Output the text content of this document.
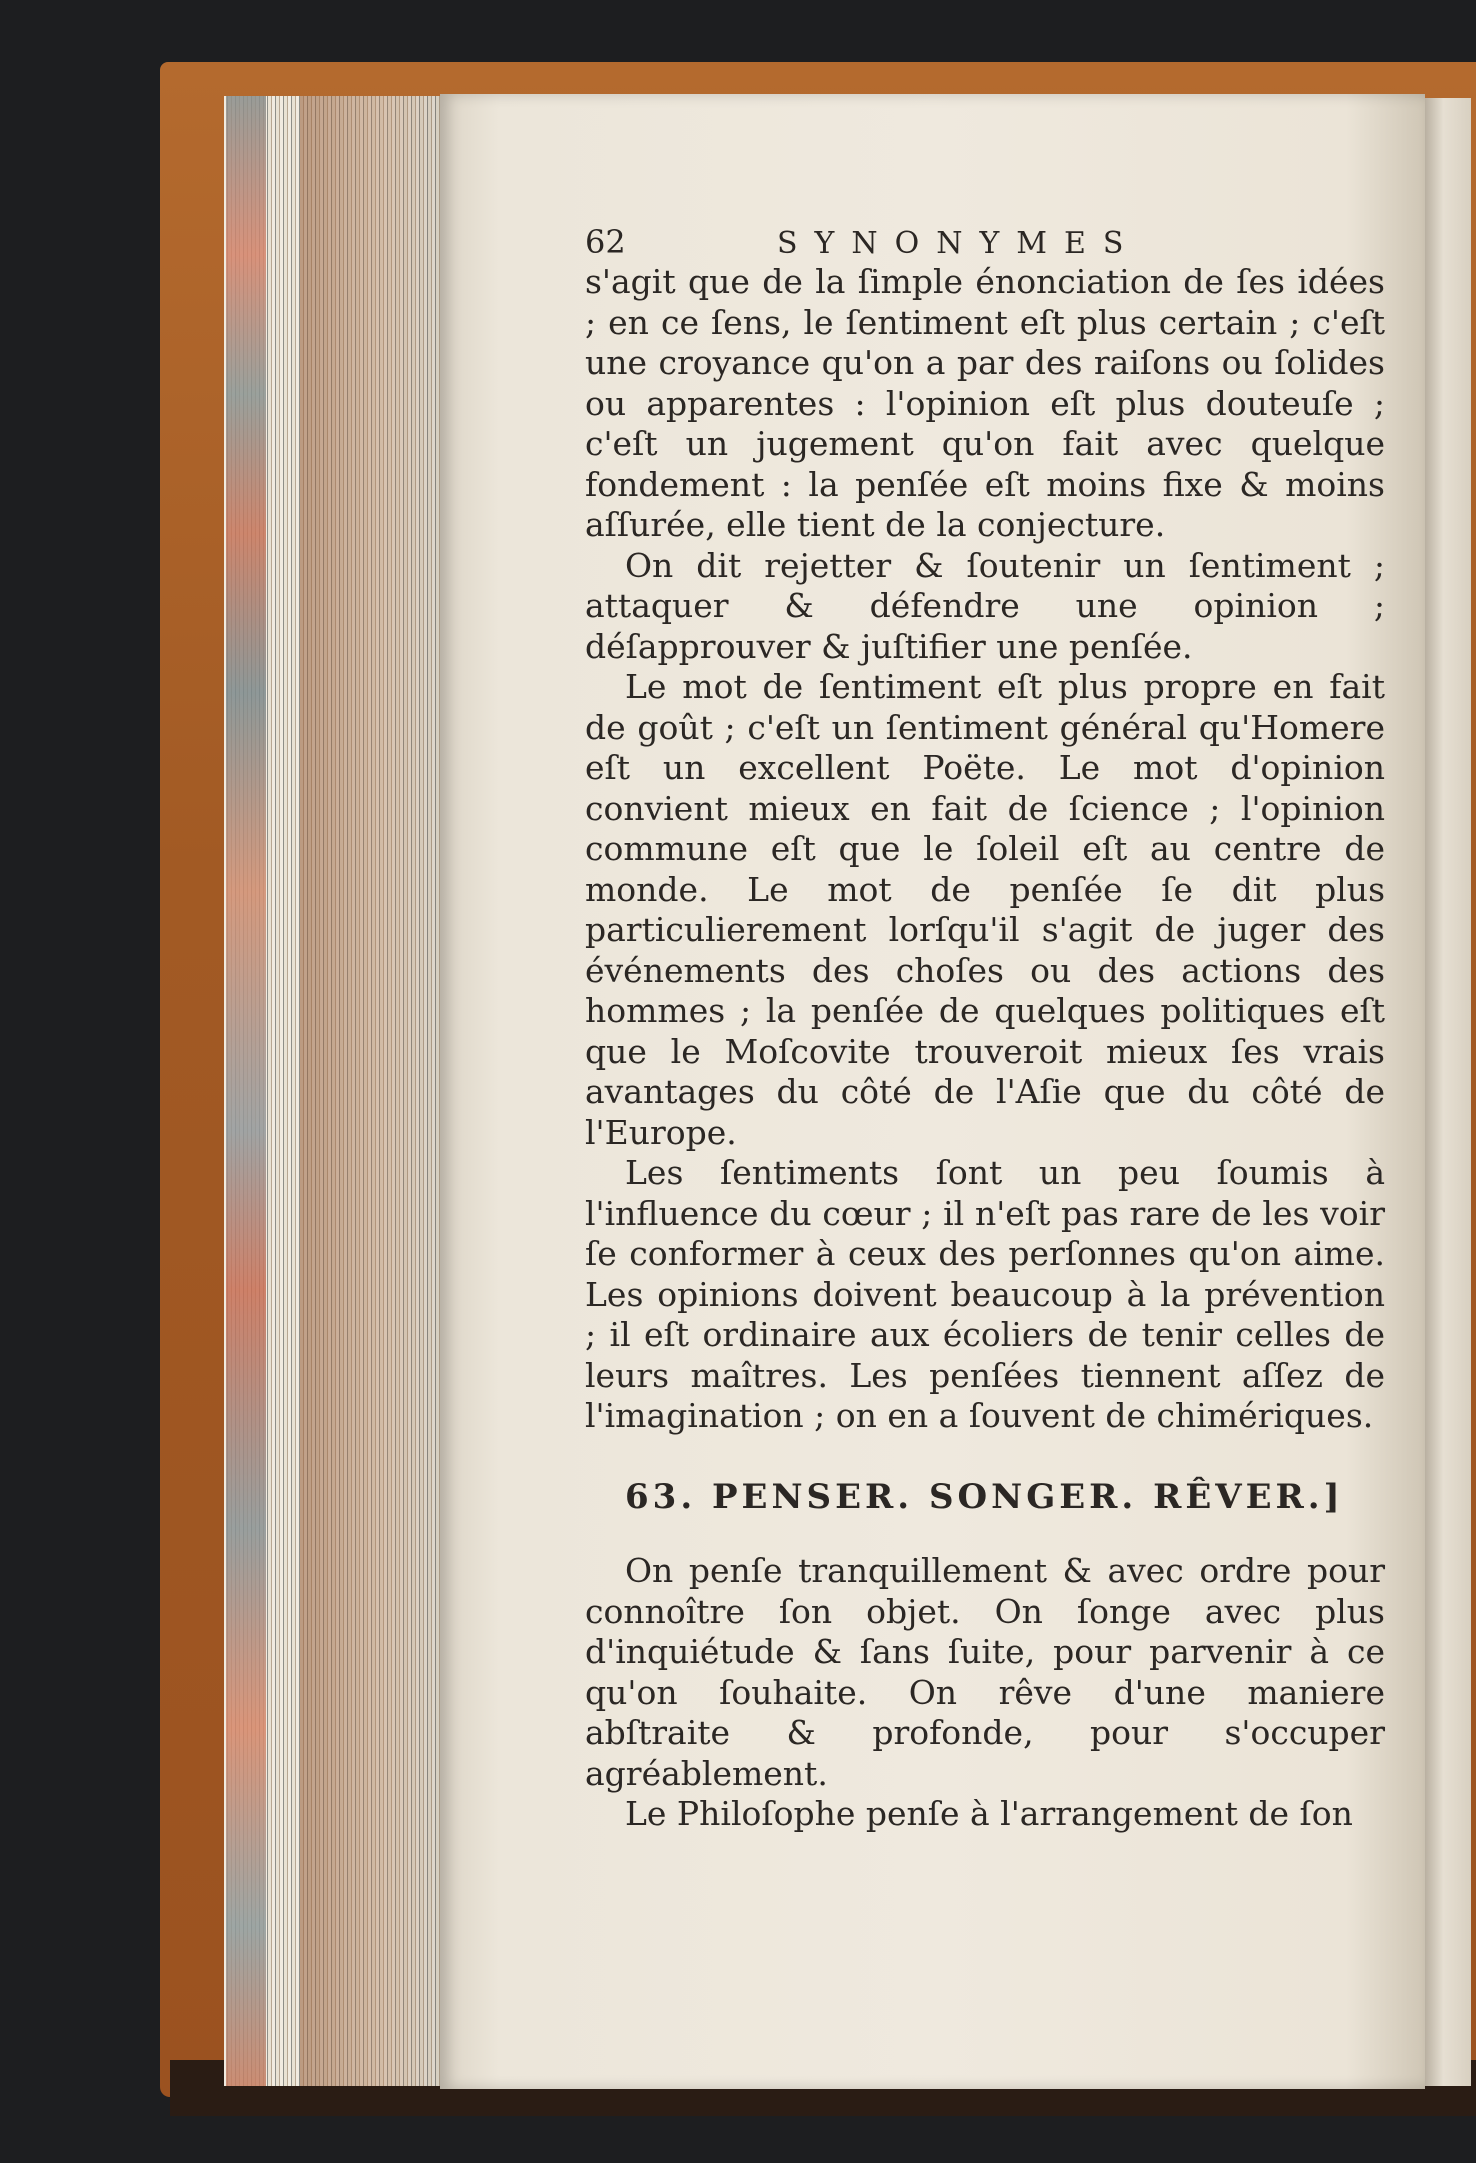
62	SYNONYMES

s'agit que de la ſimple énonciation de ſes idées ; en ce ſens, le ſentiment eſt plus certain ; c'eſt une croyance qu'on a par des raiſons ou ſolides ou apparentes : l'opinion eſt plus douteuſe ; c'eſt un jugement qu'on fait avec quelque fondement : la penſée eſt moins fixe & moins aſſurée, elle tient de la conjecture.

On dit rejetter & ſoutenir un ſentiment ; attaquer & défendre une opinion ; déſapprouver & juſtifier une penſée.

Le mot de ſentiment eſt plus propre en fait de goût ; c'eſt un ſentiment général qu'Homere eſt un excellent Poëte. Le mot d'opinion convient mieux en fait de ſcience ; l'opinion commune eſt que le ſoleil eſt au centre de monde. Le mot de penſée ſe dit plus particulierement lorſqu'il s'agit de juger des événements des choſes ou des actions des hommes ; la penſée de quelques politiques eſt que le Moſcovite trouveroit mieux ſes vrais avantages du côté de l'Aſie que du côté de l'Europe.

Les ſentiments ſont un peu ſoumis à l'influence du cœur ; il n'eſt pas rare de les voir ſe conformer à ceux des perſonnes qu'on aime. Les opinions doivent beaucoup à la prévention ; il eſt ordinaire aux écoliers de tenir celles de leurs maîtres. Les penſées tiennent aſſez de l'imagination ; on en a ſouvent de chimériques.

63. PENSER. SONGER. RÊVER.]

On penſe tranquillement & avec ordre pour connoître ſon objet. On ſonge avec plus d'inquiétude & ſans ſuite, pour parvenir à ce qu'on ſouhaite. On rêve d'une maniere abſtraite & profonde, pour s'occuper agréablement.

Le Philoſophe penſe à l'arrangement de ſon
